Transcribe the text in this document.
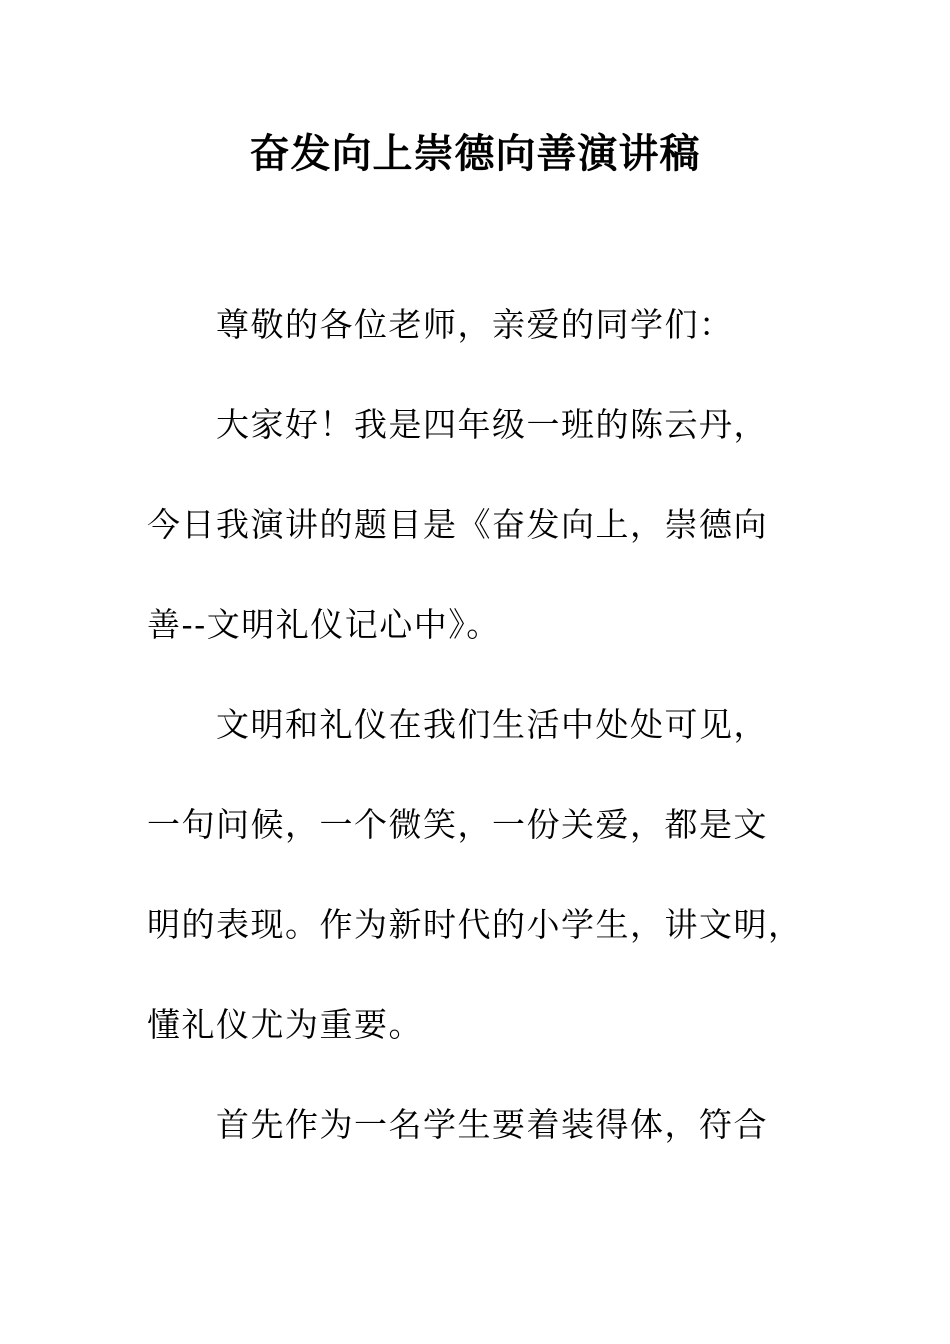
奋发向上崇德向善演讲稿

尊敬的各位老师，亲爱的同学们：

大家好！我是四年级一班的陈云丹，

今日我演讲的题目是《奋发向上，崇德向

善--文明礼仪记心中》。

文明和礼仪在我们生活中处处可见，

一句问候，一个微笑，一份关爱，都是文

明的表现。作为新时代的小学生，讲文明，

懂礼仪尤为重要。

首先作为一名学生要着装得体，符合
